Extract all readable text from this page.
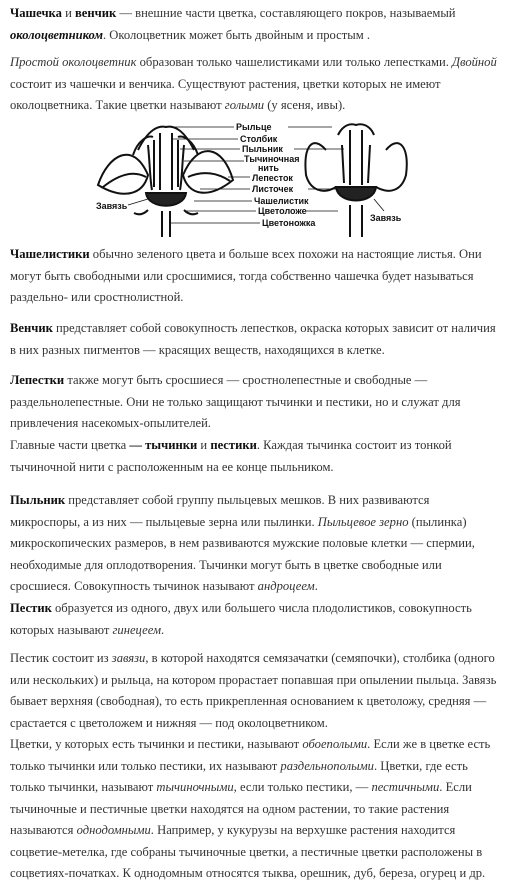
Чашечка и венчик — внешние части цветка, составляющего покров, называемый околоцветником. Околоцветник может быть двойным и простым .

Простой околоцветник образован только чашелистиками или только лепестками. Двойной состоит из чашечки и венчика. Существуют растения, цветки которых не имеют околоцветника. Такие цветки называют голыми (у ясеня, ивы).

Рыльце
Столбик
Пыльник
Тычиночная
нить
Лепесток
Листочек
Чашелистик
Цветоложе
Цветоножка
Завязь
Завязь

Чашелистики обычно зеленого цвета и больше всех похожи на настоящие листья. Они могут быть свободными или сросшимися, тогда собственно чашечка будет называться раздельно- или сростнолистной.

Венчик представляет собой совокупность лепестков, окраска которых зависит от наличия в них разных пигментов — красящих веществ, находящихся в клетке.

Лепестки также могут быть сросшиеся — сростнолепестные и свободные — раздельнолепестные. Они не только защищают тычинки и пестики, но и служат для привлечения насекомых-опылителей.

Главные части цветка — тычинки и пестики. Каждая тычинка состоит из тонкой тычиночной нити с расположенным на ее конце пыльником.

Пыльник представляет собой группу пыльцевых мешков. В них развиваются микроспоры, а из них — пыльцевые зерна или пылинки. Пыльцевое зерно (пылинка) микроскопических размеров, в нем развиваются мужские половые клетки — спермии, необходимые для оплодотворения. Тычинки могут быть в цветке свободные или сросшиеся. Совокупность тычинок называют андроцеем.

Пестик образуется из одного, двух или большего числа плодолистиков, совокупность которых называют гинецеем.

Пестик состоит из завязи, в которой находятся семязачатки (семяпочки), столбика (одного или нескольких) и рыльца, на котором прорастает попавшая при опылении пыльца. Завязь бывает верхняя (свободная), то есть прикрепленная основанием к цветоложу, средняя — срастается с цветоложем и нижняя — под околоцветником.

Цветки, у которых есть тычинки и пестики, называют обоеполыми. Если же в цветке есть только тычинки или только пестики, их называют раздельнополыми. Цветки, где есть только тычинки, называют тычиночными, если только пестики, — пестичными. Если тычиночные и пестичные цветки находятся на одном растении, то такие растения называются однодомными. Например, у кукурузы на верхушке растения находится соцветие-метелка, где собраны тычиночные цветки, а пестичные цветки расположены в соцветиях-початках. К однодомным относятся тыква, орешник, дуб, береза, огурец и др.
